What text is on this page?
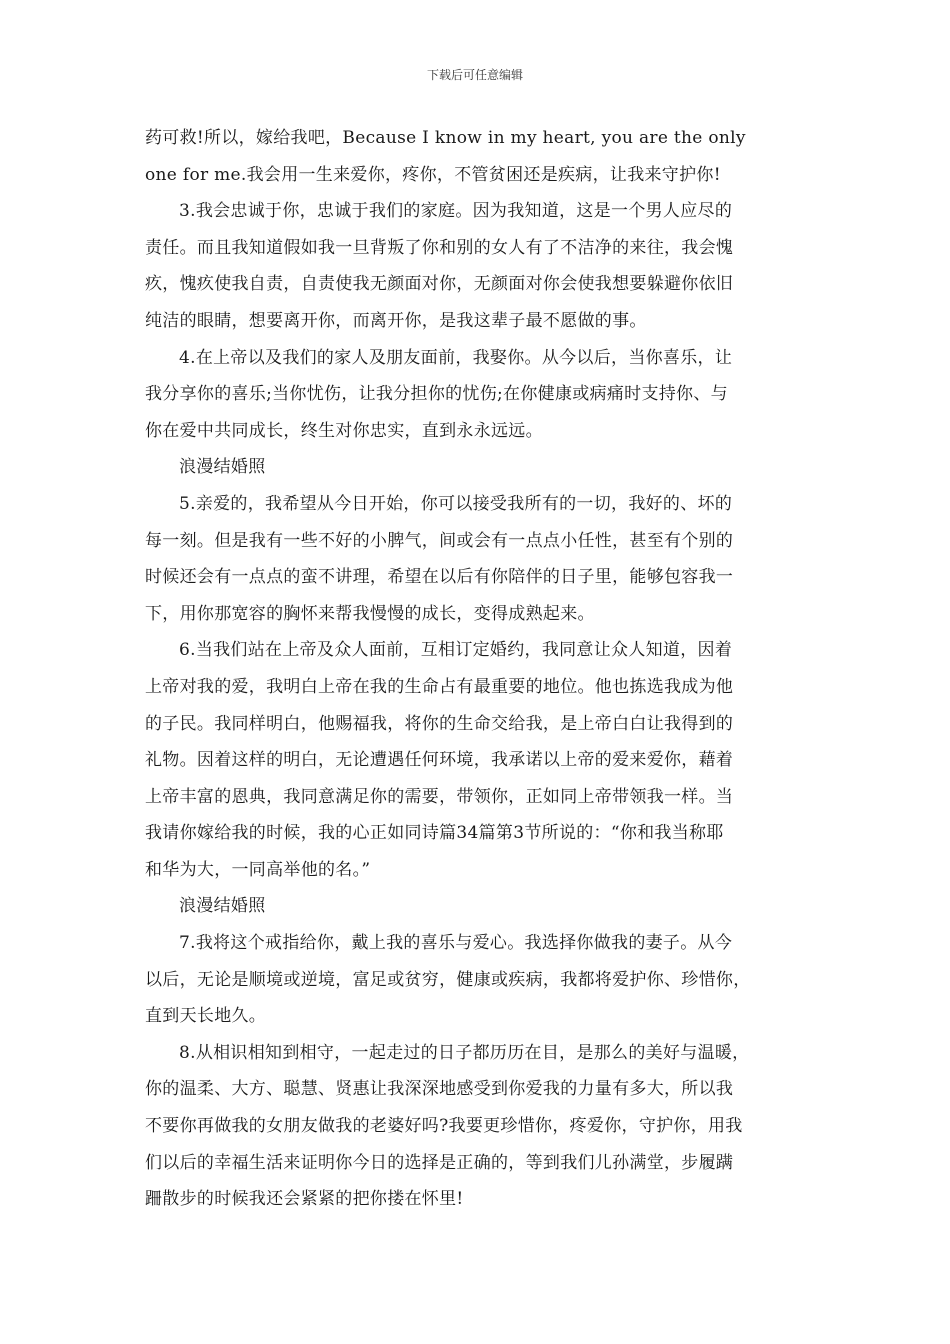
下载后可任意编辑
药可救!所以，嫁给我吧，Because I know in my heart, you are the only
one for me.我会用一生来爱你，疼你，不管贫困还是疾病，让我来守护你!
3.我会忠诚于你，忠诚于我们的家庭。因为我知道，这是一个男人应尽的
责任。而且我知道假如我一旦背叛了你和别的女人有了不洁净的来往，我会愧
疚，愧疚使我自责，自责使我无颜面对你，无颜面对你会使我想要躲避你依旧
纯洁的眼睛，想要离开你，而离开你，是我这辈子最不愿做的事。
4.在上帝以及我们的家人及朋友面前，我娶你。从今以后，当你喜乐，让
我分享你的喜乐;当你忧伤，让我分担你的忧伤;在你健康或病痛时支持你、与
你在爱中共同成长，终生对你忠实，直到永永远远。
浪漫结婚照
5.亲爱的，我希望从今日开始，你可以接受我所有的一切，我好的、坏的
每一刻。但是我有一些不好的小脾气，间或会有一点点小任性，甚至有个别的
时候还会有一点点的蛮不讲理，希望在以后有你陪伴的日子里，能够包容我一
下，用你那宽容的胸怀来帮我慢慢的成长，变得成熟起来。
6.当我们站在上帝及众人面前，互相订定婚约，我同意让众人知道，因着
上帝对我的爱，我明白上帝在我的生命占有最重要的地位。他也拣选我成为他
的子民。我同样明白，他赐福我，将你的生命交给我，是上帝白白让我得到的
礼物。因着这样的明白，无论遭遇任何环境，我承诺以上帝的爱来爱你，藉着
上帝丰富的恩典，我同意满足你的需要，带领你，正如同上帝带领我一样。当
我请你嫁给我的时候，我的心正如同诗篇34篇第3节所说的：“你和我当称耶
和华为大，一同高举他的名。”
浪漫结婚照
7.我将这个戒指给你，戴上我的喜乐与爱心。我选择你做我的妻子。从今
以后，无论是顺境或逆境，富足或贫穷，健康或疾病，我都将爱护你、珍惜你，
直到天长地久。
8.从相识相知到相守，一起走过的日子都历历在目，是那么的美好与温暖，
你的温柔、大方、聪慧、贤惠让我深深地感受到你爱我的力量有多大，所以我
不要你再做我的女朋友做我的老婆好吗?我要更珍惜你，疼爱你，守护你，用我
们以后的幸福生活来证明你今日的选择是正确的，等到我们儿孙满堂，步履蹒
跚散步的时候我还会紧紧的把你搂在怀里!
